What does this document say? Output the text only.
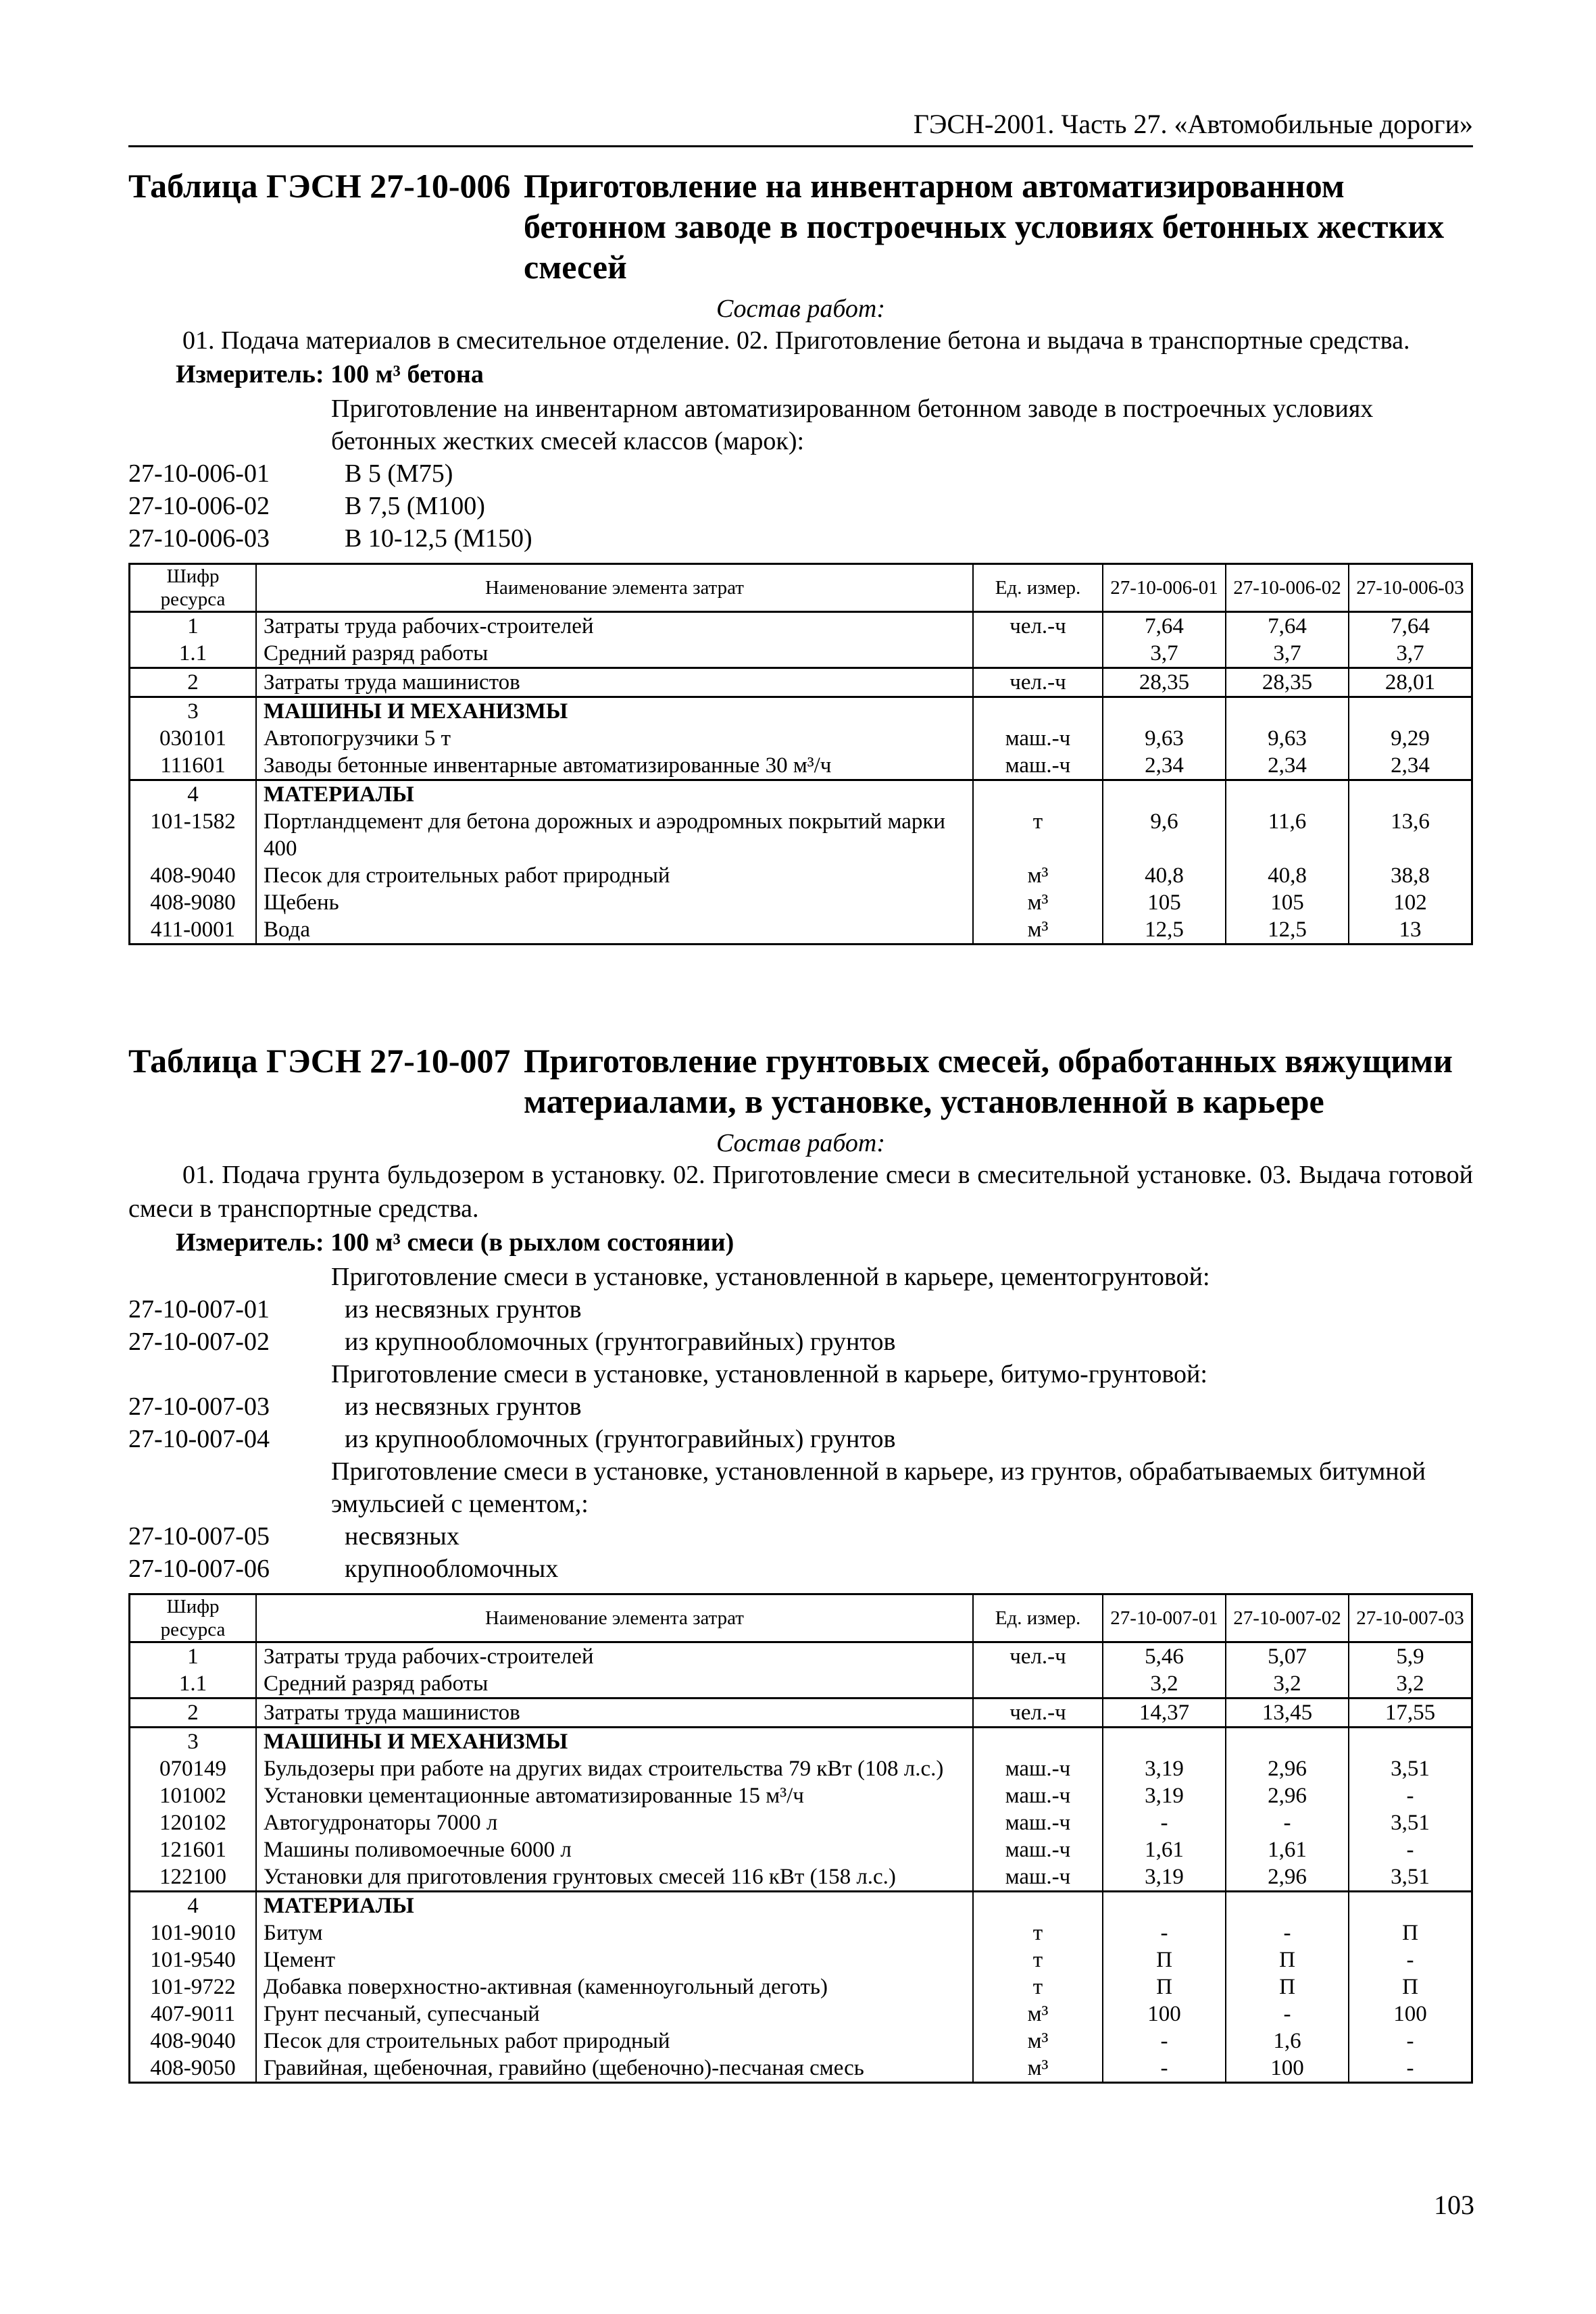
ГЭСН-2001. Часть 27. «Автомобильные дороги»
Таблица ГЭСН 27-10-006 Приготовление на инвентарном автоматизированном бетонном заводе в построечных условиях бетонных жестких смесей
Состав работ:
01. Подача материалов в смесительное отделение. 02. Приготовление бетона и выдача в транспортные средства.
Измеритель: 100 м³ бетона
Приготовление на инвентарном автоматизированном бетонном заводе в построечных условиях бетонных жестких смесей классов (марок):
27-10-006-01	В 5 (М75)
27-10-006-02	В 7,5 (М100)
27-10-006-03	В 10-12,5 (М150)
Шифр ресурса	Наименование элемента затрат	Ед. измер.	27-10-006-01	27-10-006-02	27-10-006-03
1	Затраты труда рабочих-строителей	чел.-ч	7,64	7,64	7,64
1.1	Средний разряд работы		3,7	3,7	3,7
2	Затраты труда машинистов	чел.-ч	28,35	28,35	28,01
3	МАШИНЫ И МЕХАНИЗМЫ				
030101	Автопогрузчики 5 т	маш.-ч	9,63	9,63	9,29
111601	Заводы бетонные инвентарные автоматизированные 30 м³/ч	маш.-ч	2,34	2,34	2,34
4	МАТЕРИАЛЫ				
101-1582	Портландцемент для бетона дорожных и аэродромных покрытий марки 400	т	9,6	11,6	13,6
408-9040	Песок для строительных работ природный	м³	40,8	40,8	38,8
408-9080	Щебень	м³	105	105	102
411-0001	Вода	м³	12,5	12,5	13
Таблица ГЭСН 27-10-007 Приготовление грунтовых смесей, обработанных вяжущими материалами, в установке, установленной в карьере
Состав работ:
01. Подача грунта бульдозером в установку. 02. Приготовление смеси в смесительной установке. 03. Выдача готовой смеси в транспортные средства.
Измеритель: 100 м³ смеси (в рыхлом состоянии)
Приготовление смеси в установке, установленной в карьере, цементогрунтовой:
27-10-007-01	из несвязных грунтов
27-10-007-02	из крупнообломочных (грунтогравийных) грунтов
Приготовление смеси в установке, установленной в карьере, битумо-грунтовой:
27-10-007-03	из несвязных грунтов
27-10-007-04	из крупнообломочных (грунтогравийных) грунтов
Приготовление смеси в установке, установленной в карьере, из грунтов, обрабатываемых битумной эмульсией с цементом,:
27-10-007-05	несвязных
27-10-007-06	крупнообломочных
Шифр ресурса	Наименование элемента затрат	Ед. измер.	27-10-007-01	27-10-007-02	27-10-007-03
1	Затраты труда рабочих-строителей	чел.-ч	5,46	5,07	5,9
1.1	Средний разряд работы		3,2	3,2	3,2
2	Затраты труда машинистов	чел.-ч	14,37	13,45	17,55
3	МАШИНЫ И МЕХАНИЗМЫ				
070149	Бульдозеры при работе на других видах строительства 79 кВт (108 л.с.)	маш.-ч	3,19	2,96	3,51
101002	Установки цементационные автоматизированные 15 м³/ч	маш.-ч	3,19	2,96	-
120102	Автогудронаторы 7000 л	маш.-ч	-	-	3,51
121601	Машины поливомоечные 6000 л	маш.-ч	1,61	1,61	-
122100	Установки для приготовления грунтовых смесей 116 кВт (158 л.с.)	маш.-ч	3,19	2,96	3,51
4	МАТЕРИАЛЫ				
101-9010	Битум	т	-	-	П
101-9540	Цемент	т	П	П	-
101-9722	Добавка поверхностно-активная (каменноугольный деготь)	т	П	П	П
407-9011	Грунт песчаный, супесчаный	м³	100	-	100
408-9040	Песок для строительных работ природный	м³	-	1,6	-
408-9050	Гравийная, щебеночная, гравийно (щебеночно)-песчаная смесь	м³	-	100	-
103
